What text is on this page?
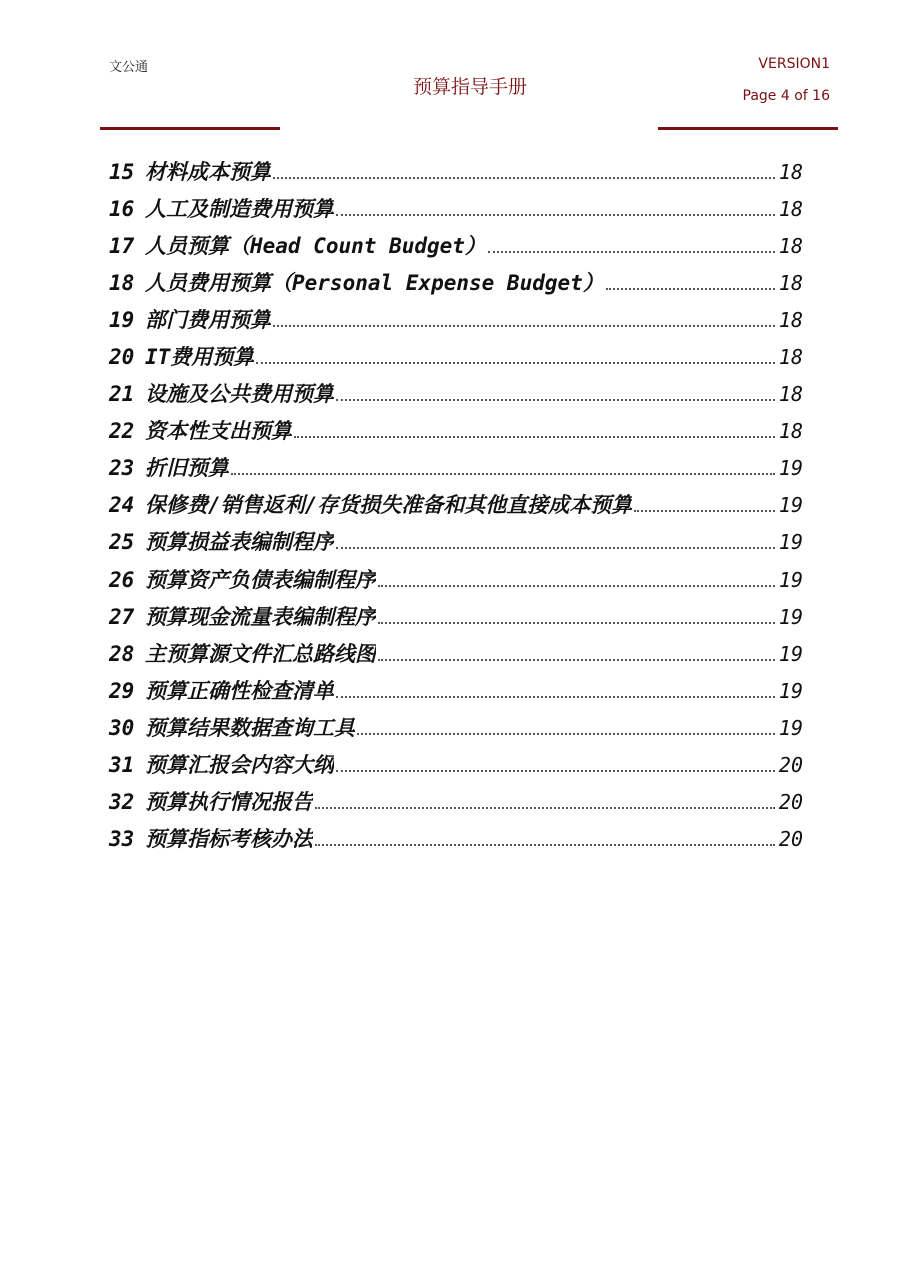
文公通
预算指导手册
VERSION1
Page 4 of 16
15 材料成本预算	18
16 人工及制造费用预算	18
17 人员预算（Head Count Budget）	18
18 人员费用预算（Personal Expense Budget）	18
19 部门费用预算	18
20 IT费用预算	18
21 设施及公共费用预算	18
22 资本性支出预算	18
23 折旧预算	19
24 保修费/销售返利/存货损失准备和其他直接成本预算	19
25 预算损益表编制程序	19
26 预算资产负债表编制程序	19
27 预算现金流量表编制程序	19
28 主预算源文件汇总路线图	19
29 预算正确性检查清单	19
30 预算结果数据查询工具	19
31 预算汇报会内容大纲	20
32 预算执行情况报告	20
33 预算指标考核办法	20
